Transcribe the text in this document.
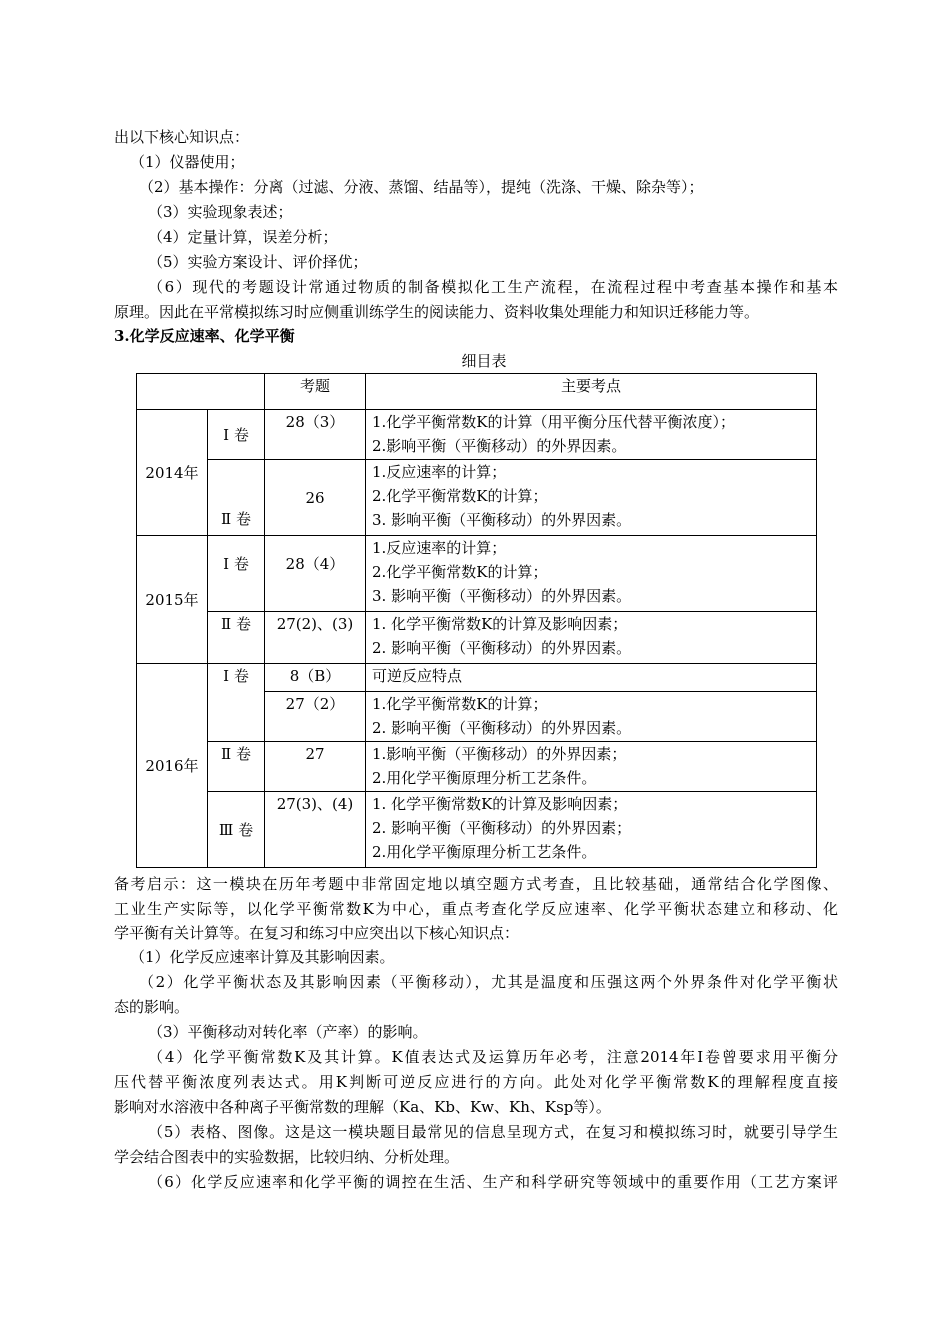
出以下核心知识点：
（1）仪器使用；
（2）基本操作：分离（过滤、分液、蒸馏、结晶等），提纯（洗涤、干燥、除杂等）；
（3）实验现象表述；
（4）定量计算，误差分析；
（5）实验方案设计、评价择优；
（6）现代的考题设计常通过物质的制备模拟化工生产流程，在流程过程中考查基本操作和基本
原理。因此在平常模拟练习时应侧重训练学生的阅读能力、资料收集处理能力和知识迁移能力等。
3.化学反应速率、化学平衡
细目表
		考题	主要考点
2014年	Ⅰ 卷	28（3）	1.化学平衡常数K的计算（用平衡分压代替平衡浓度）；
2.影响平衡（平衡移动）的外界因素。

	Ⅱ 卷	26	1.反应速率的计算；
2.化学平衡常数K的计算；
3. 影响平衡（平衡移动）的外界因素。

2015年	Ⅰ 卷	28（4）	1.反应速率的计算；
2.化学平衡常数K的计算；
3. 影响平衡（平衡移动）的外界因素。

	Ⅱ 卷	27(2)、(3)	1. 化学平衡常数K的计算及影响因素；
2. 影响平衡（平衡移动）的外界因素。

2016年	Ⅰ 卷	8（B）	可逆反应特点

		27（2）	1.化学平衡常数K的计算；
2. 影响平衡（平衡移动）的外界因素。

	Ⅱ 卷	27	1.影响平衡（平衡移动）的外界因素；
2.用化学平衡原理分析工艺条件。

	Ⅲ 卷	27(3)、(4)	1. 化学平衡常数K的计算及影响因素；
2. 影响平衡（平衡移动）的外界因素；
2.用化学平衡原理分析工艺条件。
备考启示：这一模块在历年考题中非常固定地以填空题方式考查，且比较基础，通常结合化学图像、
工业生产实际等，以化学平衡常数K为中心，重点考查化学反应速率、化学平衡状态建立和移动、化
学平衡有关计算等。在复习和练习中应突出以下核心知识点：
（1）化学反应速率计算及其影响因素。
（2）化学平衡状态及其影响因素（平衡移动），尤其是温度和压强这两个外界条件对化学平衡状
态的影响。
（3）平衡移动对转化率（产率）的影响。
（4）化学平衡常数K及其计算。K值表达式及运算历年必考，注意2014年Ⅰ卷曾要求用平衡分
压代替平衡浓度列表达式。用K判断可逆反应进行的方向。此处对化学平衡常数K的理解程度直接
影响对水溶液中各种离子平衡常数的理解（Ka、Kb、Kw、Kh、Ksp等）。
（5）表格、图像。这是这一模块题目最常见的信息呈现方式，在复习和模拟练习时，就要引导学生
学会结合图表中的实验数据，比较归纳、分析处理。
（6）化学反应速率和化学平衡的调控在生活、生产和科学研究等领域中的重要作用（工艺方案评
